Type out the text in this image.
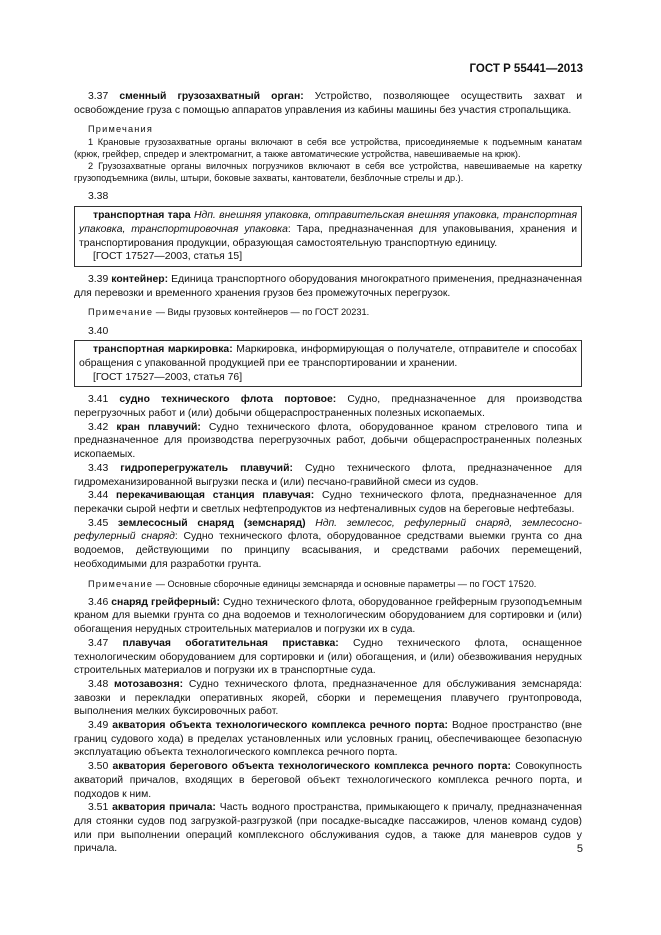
ГОСТ Р 55441—2013

3.37 сменный грузозахватный орган: Устройство, позволяющее осуществить захват и освобождение груза с помощью аппаратов управления из кабины машины без участия стропальщика.

Примечания

1 Крановые грузозахватные органы включают в себя все устройства, присоединяемые к подъемным канатам (крюк, грейфер, спредер и электромагнит, а также автоматические устройства, навешиваемые на крюк).

2 Грузозахватные органы вилочных погрузчиков включают в себя все устройства, навешиваемые на каретку грузоподъемника (вилы, штыри, боковые захваты, кантователи, безблочные стрелы и др.).

3.38

транспортная тара Ндп. внешняя упаковка, отправительская внешняя упаковка, транспортная упаковка, транспортировочная упаковка: Тара, предназначенная для упаковывания, хранения и транспортирования продукции, образующая самостоятельную транспортную единицу.

[ГОСТ 17527—2003, статья 15]

3.39 контейнер: Единица транспортного оборудования многократного применения, предназначенная для перевозки и временного хранения грузов без промежуточных перегрузок.

Примечание — Виды грузовых контейнеров — по ГОСТ 20231.

3.40

транспортная маркировка: Маркировка, информирующая о получателе, отправителе и способах обращения с упакованной продукцией при ее транспортировании и хранении.

[ГОСТ 17527—2003, статья 76]

3.41 судно технического флота портовое: Судно, предназначенное для производства перегрузочных работ и (или) добычи общераспространенных полезных ископаемых.

3.42 кран плавучий: Судно технического флота, оборудованное краном стрелового типа и предназначенное для производства перегрузочных работ, добычи общераспространенных полезных ископаемых.

3.43 гидроперегружатель плавучий: Судно технического флота, предназначенное для гидромеханизированной выгрузки песка и (или) песчано-гравийной смеси из судов.

3.44 перекачивающая станция плавучая: Судно технического флота, предназначенное для перекачки сырой нефти и светлых нефтепродуктов из нефтеналивных судов на береговые нефтебазы.

3.45 землесосный снаряд (земснаряд) Ндп. землесос, рефулерный снаряд, землесосно-рефулерный снаряд: Судно технического флота, оборудованное средствами выемки грунта со дна водоемов, действующими по принципу всасывания, и средствами рабочих перемещений, необходимыми для разработки грунта.

Примечание — Основные сборочные единицы земснаряда и основные параметры — по ГОСТ 17520.

3.46 снаряд грейферный: Судно технического флота, оборудованное грейферным грузоподъемным краном для выемки грунта со дна водоемов и технологическим оборудованием для сортировки и (или) обогащения нерудных строительных материалов и погрузки их в суда.

3.47 плавучая обогатительная приставка: Судно технического флота, оснащенное технологическим оборудованием для сортировки и (или) обогащения, и (или) обезвоживания нерудных строительных материалов и погрузки их в транспортные суда.

3.48 мотозавозня: Судно технического флота, предназначенное для обслуживания земснаряда: завозки и перекладки оперативных якорей, сборки и перемещения плавучего грунтопровода, выполнения мелких буксировочных работ.

3.49 акватория объекта технологического комплекса речного порта: Водное пространство (вне границ судового хода) в пределах установленных или условных границ, обеспечивающее безопасную эксплуатацию объекта технологического комплекса речного порта.

3.50 акватория берегового объекта технологического комплекса речного порта: Совокупность акваторий причалов, входящих в береговой объект технологического комплекса речного порта, и подходов к ним.

3.51 акватория причала: Часть водного пространства, примыкающего к причалу, предназначенная для стоянки судов под загрузкой-разгрузкой (при посадке-высадке пассажиров, членов команд судов) или при выполнении операций комплексного обслуживания судов, а также для маневров судов у причала.	5
